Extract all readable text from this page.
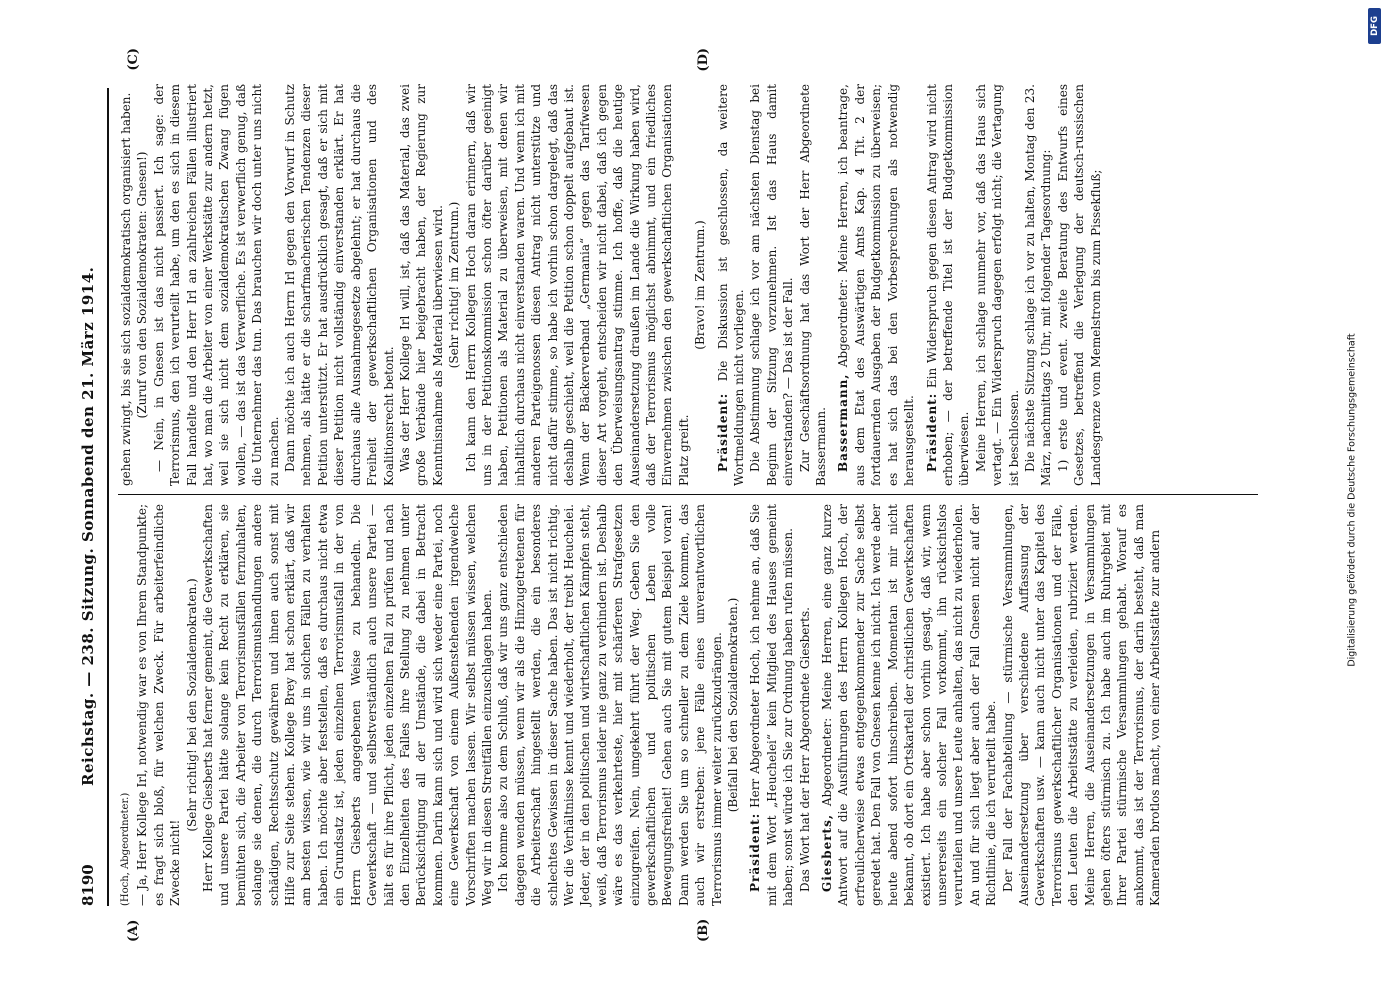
8190
Reichstag. — 238. Sitzung. Sonnabend den 21. März 1914.
(A)	(B)
(C)	(D)

(Hoch, Abgeordneter.) — Ja, Herr Kollege Irl, notwendig war es von Ihrem Standpunkte; es fragt sich bloß, für welchen Zweck. Für arbeiterfeindliche Zwecke nicht!

(Sehr richtig! bei den Sozialdemokraten.) Herr Kollege Giesberts hat ferner gemeint, die Gewerkschaften und unsere Partei hätte solange kein Recht zu erklären, sie bemühten sich, die Arbeiter von Terrorismusfällen fernzuhalten, solange sie denen, die durch Terrorismushandlungen andere schädigen, Rechtsschutz gewähren und ihnen auch sonst mit Hilfe zur Seite stehen. Kollege Brey hat schon erklärt, daß wir am besten wissen, wie wir uns in solchen Fällen zu verhalten haben. Ich möchte aber feststellen, daß es durchaus nicht etwa ein Grundsatz ist, jeden einzelnen Terrorismusfall in der von Herrn Giesberts angegebenen Weise zu behandeln. Die Gewerkschaft — und selbstverständlich auch unsere Partei — hält es für ihre Pflicht, jeden einzelnen Fall zu prüfen und nach den Einzelheiten des Falles ihre Stellung zu nehmen unter Berücksichtigung all der Umstände, die dabei in Betracht kommen. Darin kann sich und wird sich weder eine Partei, noch eine Gewerkschaft von einem Außenstehenden irgendwelche Vorschriften machen lassen. Wir selbst müssen wissen, welchen Weg wir in diesen Streitfällen einzuschlagen haben. Ich komme also zu dem Schluß, daß wir uns ganz entschieden dagegen wenden müssen, wenn wir als die Hinzugetretenen für die Arbeiterschaft hingestellt werden, die ein besonderes schlechtes Gewissen in dieser Sache haben. Das ist nicht richtig. Wer die Verhältnisse kennt und wiederholt, der treibt Heuchelei. Jeder, der in den politischen und wirtschaftlichen Kämpfen steht, weiß, daß Terrorismus leider nie ganz zu verhindern ist. Deshalb wäre es das verkehrteste, hier mit schärferen Strafgesetzen einzugreifen. Nein, umgekehrt führt der Weg. Geben Sie den gewerkschaftlichen und politischen Leben volle Bewegungsfreiheit! Gehen auch Sie mit gutem Beispiel voran! Dann werden Sie um so schneller zu dem Ziele kommen, das auch wir erstreben: jene Fälle eines unverantwortlichen Terrorismus immer weiter zurückzudrängen. (Beifall bei den Sozialdemokraten.)

Präsident: Herr Abgeordneter Hoch, ich nehme an, daß Sie mit dem Wort „Heuchelei“ kein Mitglied des Hauses gemeint haben; sonst würde ich Sie zur Ordnung haben rufen müssen. Das Wort hat der Herr Abgeordnete Giesberts. Giesberts, Abgeordneter: Meine Herren, eine ganz kurze Antwort auf die Ausführungen des Herrn Kollegen Hoch, der erfreulicherweise etwas entgegenkommender zur Sache selbst geredet hat. Den Fall von Gnesen kenne ich nicht. Ich werde aber heute abend sofort hinschreiben. Momentan ist mir nicht bekannt, ob dort ein Ortskartell der christlichen Gewerkschaften existiert. Ich habe aber schon vorhin gesagt, daß wir, wenn unsererseits ein solcher Fall vorkommt, ihn rücksichtslos verurteilen und unsere Leute anhalten, das nicht zu wiederholen. An und für sich liegt aber auch der Fall Gnesen nicht auf der Richtlinie, die ich verurteilt habe. Der Fall der Fachabteilung — stürmische Versammlungen, Auseinandersetzung über verschiedene Auffassung der Gewerkschaften usw. — kann auch nicht unter das Kapitel des Terrorismus gewerkschaftlicher Organisationen und der Fälle, den Leuten die Arbeitsstätte zu verleiden, rubriziert werden. Meine Herren, die Auseinandersetzungen in Versammlungen gehen öfters stürmisch zu. Ich habe auch im Ruhrgebiet mit Ihrer Partei stürmische Versammlungen gehabt. Worauf es ankommt, das ist der Terrorismus, der darin besteht, daß man Kameraden brotlos macht, von einer Arbeitsstätte zur andern

gehen zwingt, bis sie sich sozialdemokratisch organisiert haben. (Zuruf von den Sozialdemokraten: Gnesen!) — Nein, in Gnesen ist das nicht passiert. Ich sage: der Terrorismus, den ich verurteilt habe, um den es sich in diesem Fall handelte und den Herr Irl an zahlreichen Fällen illustriert hat, wo man die Arbeiter von einer Werkstätte zur andern hetzt, weil sie sich nicht dem sozialdemokratischen Zwang fügen wollen, — das ist das Verwerfliche. Es ist verwerflich genug, daß die Unternehmer das tun. Das brauchen wir doch unter uns nicht zu machen. Dann möchte ich auch Herrn Irl gegen den Vorwurf in Schutz nehmen, als hätte er die scharfmacherischen Tendenzen dieser Petition unterstützt. Er hat ausdrücklich gesagt, daß er sich mit dieser Petition nicht vollständig einverstanden erklärt. Er hat durchaus alle Ausnahmegesetze abgelehnt; er hat durchaus die Freiheit der gewerkschaftlichen Organisationen und des Koalitionsrecht betont. Was der Herr Kollege Irl will, ist, daß das Material, das zwei große Verbände hier beigebracht haben, der Regierung zur Kenntnisnahme als Material überwiesen wird. (Sehr richtig! im Zentrum.) Ich kann den Herrn Kollegen Hoch daran erinnern, daß wir uns in der Petitionskommission schon öfter darüber geeinigt haben, Petitionen als Material zu überweisen, mit denen wir inhaltlich durchaus nicht einverstanden waren. Und wenn ich mit anderen Parteigenossen diesen Antrag nicht unterstütze und nicht dafür stimme, so habe ich vorhin schon dargelegt, daß das deshalb geschieht, weil die Petition schon doppelt aufgebaut ist. Wenn der Bäckerverband „Germania“ gegen das Tarifwesen dieser Art vorgeht, entscheiden wir nicht dabei, daß ich gegen den Überweisungsantrag stimme. Ich hoffe, daß die heutige Auseinandersetzung draußen im Lande die Wirkung haben wird, daß der Terrorismus möglichst abnimmt, und ein friedliches Einvernehmen zwischen den gewerkschaftlichen Organisationen Platz greift.

(Bravo! im Zentrum.)

Präsident: Die Diskussion ist geschlossen, da weitere Wortmeldungen nicht vorliegen. Die Abstimmung schlage ich vor am nächsten Dienstag bei Beginn der Sitzung vorzunehmen. Ist das Haus damit einverstanden? — Das ist der Fall. Zur Geschäftsordnung hat das Wort der Herr Abgeordnete Bassermann. Bassermann, Abgeordneter: Meine Herren, ich beantrage, aus dem Etat des Auswärtigen Amts Kap. 4 Tit. 2 der fortdauernden Ausgaben der Budgetkommission zu überweisen; es hat sich das bei den Vorbesprechungen als notwendig herausgestellt. Präsident: Ein Widerspruch gegen diesen Antrag wird nicht erhoben; — der betreffende Titel ist der Budgetkommission überwiesen. Meine Herren, ich schlage nunmehr vor, daß das Haus sich vertagt. — Ein Widerspruch dagegen erfolgt nicht; die Vertagung ist beschlossen. Die nächste Sitzung schlage ich vor zu halten, Montag den 23. März, nachmittags 2 Uhr, mit folgender Tagesordnung: 1) erste und event. zweite Beratung des Entwurfs eines Gesetzes, betreffend die Verlegung der deutsch-russischen Landesgrenze vom Memelstrom bis zum Pissekfluß;

Digitalisierung gefördert durch die Deutsche Forschungsgemeinschaft
DFG
